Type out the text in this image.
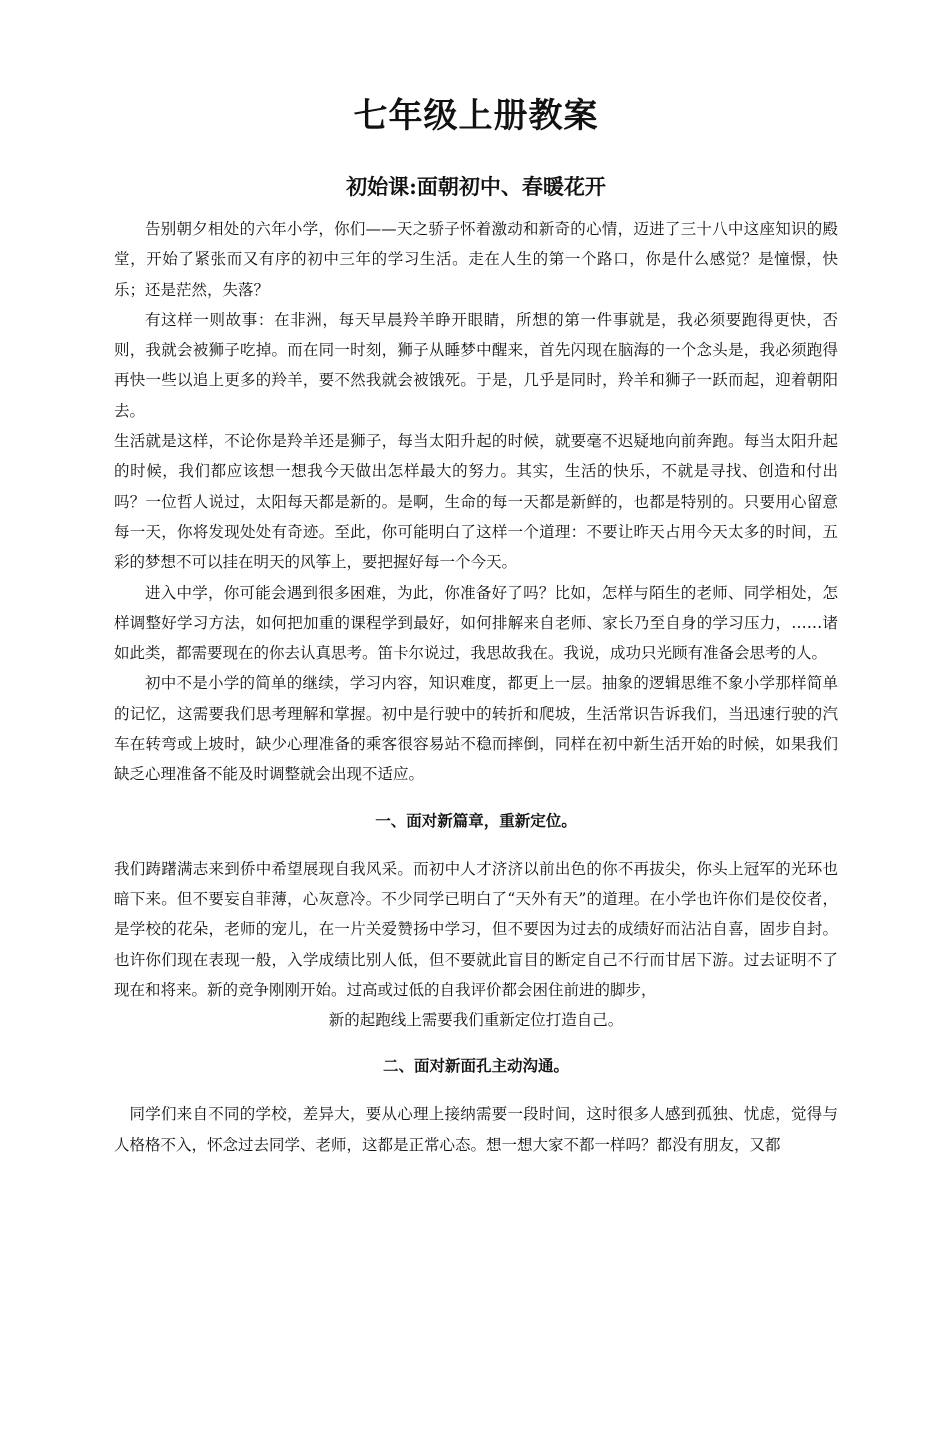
七年级上册教案
初始课:面朝初中、春暖花开

告别朝夕相处的六年小学，你们——天之骄子怀着激动和新奇的心情，迈进了三十八中这座知识的殿堂，开始了紧张而又有序的初中三年的学习生活。走在人生的第一个路口，你是什么感觉？是憧憬，快乐；还是茫然，失落？

有这样一则故事：在非洲，每天早晨羚羊睁开眼睛，所想的第一件事就是，我必须要跑得更快，否则，我就会被狮子吃掉。而在同一时刻，狮子从睡梦中醒来，首先闪现在脑海的一个念头是，我必须跑得再快一些以追上更多的羚羊，要不然我就会被饿死。于是，几乎是同时，羚羊和狮子一跃而起，迎着朝阳去。

生活就是这样，不论你是羚羊还是狮子，每当太阳升起的时候，就要毫不迟疑地向前奔跑。每当太阳升起的时候，我们都应该想一想我今天做出怎样最大的努力。其实，生活的快乐，不就是寻找、创造和付出吗？一位哲人说过，太阳每天都是新的。是啊，生命的每一天都是新鲜的，也都是特别的。只要用心留意每一天，你将发现处处有奇迹。至此，你可能明白了这样一个道理：不要让昨天占用今天太多的时间，五彩的梦想不可以挂在明天的风筝上，要把握好每一个今天。

进入中学，你可能会遇到很多困难，为此，你准备好了吗？比如，怎样与陌生的老师、同学相处，怎样调整好学习方法，如何把加重的课程学到最好，如何排解来自老师、家长乃至自身的学习压力，……诸如此类，都需要现在的你去认真思考。笛卡尔说过，我思故我在。我说，成功只光顾有准备会思考的人。

初中不是小学的简单的继续，学习内容，知识难度，都更上一层。抽象的逻辑思维不象小学那样简单的记忆，这需要我们思考理解和掌握。初中是行驶中的转折和爬坡，生活常识告诉我们，当迅速行驶的汽车在转弯或上坡时，缺少心理准备的乘客很容易站不稳而摔倒，同样在初中新生活开始的时候，如果我们缺乏心理准备不能及时调整就会出现不适应。

一、面对新篇章，重新定位。

我们踌躇满志来到侨中希望展现自我风采。而初中人才济济以前出色的你不再拔尖，你头上冠军的光环也暗下来。但不要妄自菲薄，心灰意冷。不少同学已明白了“天外有天”的道理。在小学也许你们是佼佼者，是学校的花朵，老师的宠儿，在一片关爱赞扬中学习，但不要因为过去的成绩好而沾沾自喜，固步自封。也许你们现在表现一般，入学成绩比别人低，但不要就此盲目的断定自己不行而甘居下游。过去证明不了现在和将来。新的竞争刚刚开始。过高或过低的自我评价都会困住前进的脚步，

新的起跑线上需要我们重新定位打造自己。

二、面对新面孔主动沟通。

同学们来自不同的学校，差异大，要从心理上接纳需要一段时间，这时很多人感到孤独、忧虑，觉得与人格格不入，怀念过去同学、老师，这都是正常心态。想一想大家不都一样吗？都没有朋友，又都
